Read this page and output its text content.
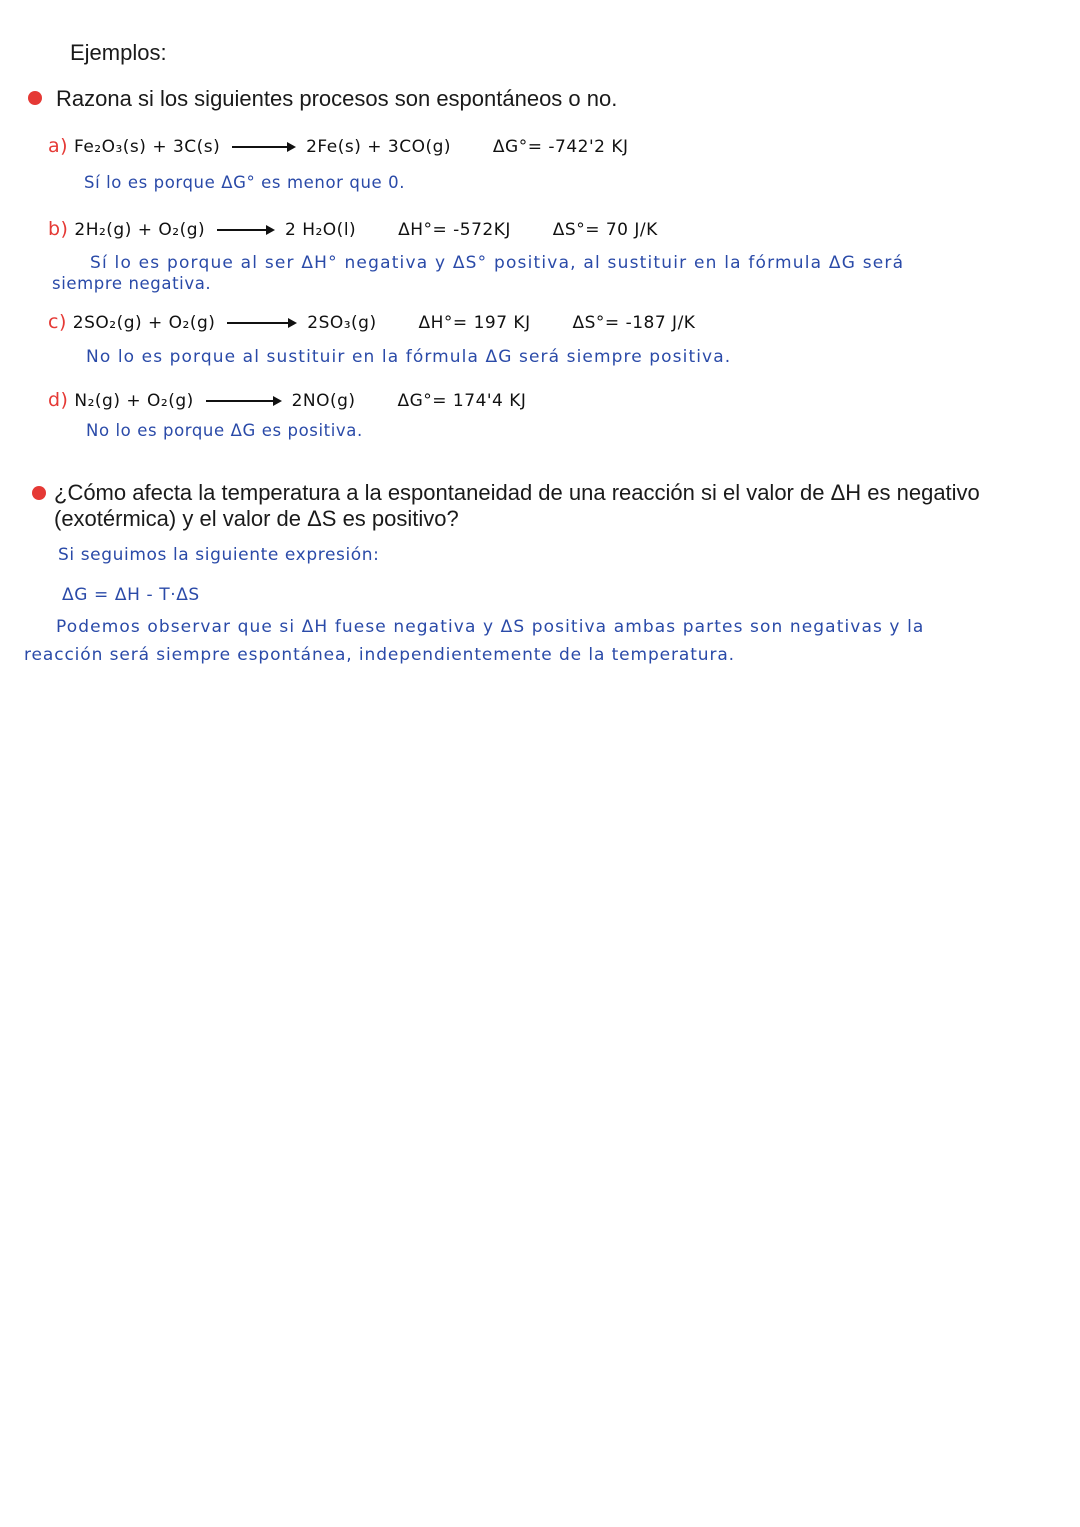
Ejemplos:
Razona si los siguientes procesos son espontáneos o no.
a) Fe₂O₃(s) + 3C(s)	2Fe(s) + 3CO(g) ΔG°= -742'2 KJ
Sí lo es porque ΔG° es menor que 0.
b) 2H₂(g) + O₂(g)	2 H₂O(l) ΔH°= -572KJ ΔS°= 70 J/K
Sí lo es porque al ser ΔH° negativa y ΔS° positiva, al sustituir en la fórmula ΔG será
siempre negativa.
c) 2SO₂(g) + O₂(g)	2SO₃(g) ΔH°= 197 KJ ΔS°= -187 J/K
No lo es porque al sustituir en la fórmula ΔG será siempre positiva.
d) N₂(g) + O₂(g)	2NO(g) ΔG°= 174'4 KJ
No lo es porque ΔG es positiva.
¿Cómo afecta la temperatura a la espontaneidad de una reacción si el valor de ΔH es negativo
(exotérmica) y el valor de ΔS es positivo?
Si seguimos la siguiente expresión:
ΔG = ΔH - T·ΔS
Podemos observar que si ΔH fuese negativa y ΔS positiva ambas partes son negativas y la
reacción será siempre espontánea, independientemente de la temperatura.
